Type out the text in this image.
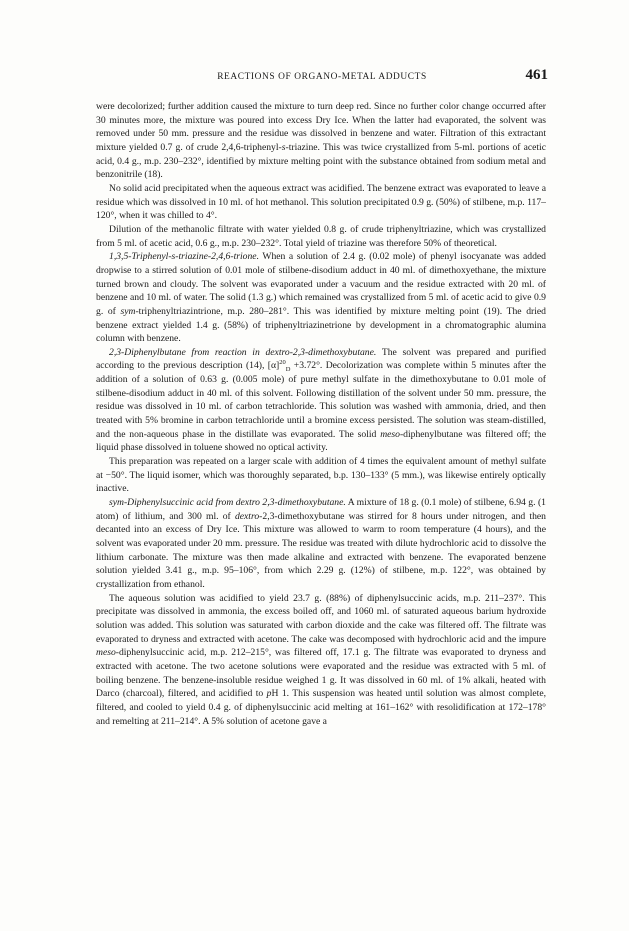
REACTIONS OF ORGANO-METAL ADDUCTS	461

were decolorized; further addition caused the mixture to turn deep red. Since no further color change occurred after 30 minutes more, the mixture was poured into excess Dry Ice. When the latter had evaporated, the solvent was removed under 50 mm. pressure and the residue was dissolved in benzene and water. Filtration of this extractant mixture yielded 0.7 g. of crude 2,4,6-triphenyl-s-triazine. This was twice crystallized from 5-ml. portions of acetic acid, 0.4 g., m.p. 230–232°, identified by mixture melting point with the substance obtained from sodium metal and benzonitrile (18).

No solid acid precipitated when the aqueous extract was acidified. The benzene extract was evaporated to leave a residue which was dissolved in 10 ml. of hot methanol. This solution precipitated 0.9 g. (50%) of stilbene, m.p. 117–120°, when it was chilled to 4°.

Dilution of the methanolic filtrate with water yielded 0.8 g. of crude triphenyltriazine, which was crystallized from 5 ml. of acetic acid, 0.6 g., m.p. 230–232°. Total yield of triazine was therefore 50% of theoretical.

1,3,5-Triphenyl-s-triazine-2,4,6-trione. When a solution of 2.4 g. (0.02 mole) of phenyl isocyanate was added dropwise to a stirred solution of 0.01 mole of stilbene-disodium adduct in 40 ml. of dimethoxyethane, the mixture turned brown and cloudy. The solvent was evaporated under a vacuum and the residue extracted with 20 ml. of benzene and 10 ml. of water. The solid (1.3 g.) which remained was crystallized from 5 ml. of acetic acid to give 0.9 g. of sym-triphenyltriazintrione, m.p. 280–281°. This was identified by mixture melting point (19). The dried benzene extract yielded 1.4 g. (58%) of triphenyltriazinetrione by development in a chromatographic alumina column with benzene.

2,3-Diphenylbutane from reaction in dextro-2,3-dimethoxybutane. The solvent was prepared and purified according to the previous description (14), $[\alpha]^{20}_D +3.72^\circ$. Decolorization was complete within 5 minutes after the addition of a solution of 0.63 g. (0.005 mole) of pure methyl sulfate in the dimethoxybutane to 0.01 mole of stilbene-disodium adduct in 40 ml. of this solvent. Following distillation of the solvent under 50 mm. pressure, the residue was dissolved in 10 ml. of carbon tetrachloride. This solution was washed with ammonia, dried, and then treated with 5% bromine in carbon tetrachloride until a bromine excess persisted. The solution was steam-distilled, and the non-aqueous phase in the distillate was evaporated. The solid meso-diphenylbutane was filtered off; the liquid phase dissolved in toluene showed no optical activity.

This preparation was repeated on a larger scale with addition of 4 times the equivalent amount of methyl sulfate at −50°. The liquid isomer, which was thoroughly separated, b.p. 130–133° (5 mm.), was likewise entirely optically inactive.

sym-Diphenylsuccinic acid from dextro 2,3-dimethoxybutane. A mixture of 18 g. (0.1 mole) of stilbene, 6.94 g. (1 atom) of lithium, and 300 ml. of dextro-2,3-dimethoxybutane was stirred for 8 hours under nitrogen, and then decanted into an excess of Dry Ice. This mixture was allowed to warm to room temperature (4 hours), and the solvent was evaporated under 20 mm. pressure. The residue was treated with dilute hydrochloric acid to dissolve the lithium carbonate. The mixture was then made alkaline and extracted with benzene. The evaporated benzene solution yielded 3.41 g., m.p. 95–106°, from which 2.29 g. (12%) of stilbene, m.p. 122°, was obtained by crystallization from ethanol.

The aqueous solution was acidified to yield 23.7 g. (88%) of diphenylsuccinic acids, m.p. 211–237°. This precipitate was dissolved in ammonia, the excess boiled off, and 1060 ml. of saturated aqueous barium hydroxide solution was added. This solution was saturated with carbon dioxide and the cake was filtered off. The filtrate was evaporated to dryness and extracted with acetone. The cake was decomposed with hydrochloric acid and the impure meso-diphenylsuccinic acid, m.p. 212–215°, was filtered off, 17.1 g. The filtrate was evaporated to dryness and extracted with acetone. The two acetone solutions were evaporated and the residue was extracted with 5 ml. of boiling benzene. The benzene-insoluble residue weighed 1 g. It was dissolved in 60 ml. of 1% alkali, heated with Darco (charcoal), filtered, and acidified to pH 1. This suspension was heated until solution was almost complete, filtered, and cooled to yield 0.4 g. of diphenylsuccinic acid melting at 161–162° with resolidification at 172–178° and remelting at 211–214°. A 5% solution of acetone gave a
